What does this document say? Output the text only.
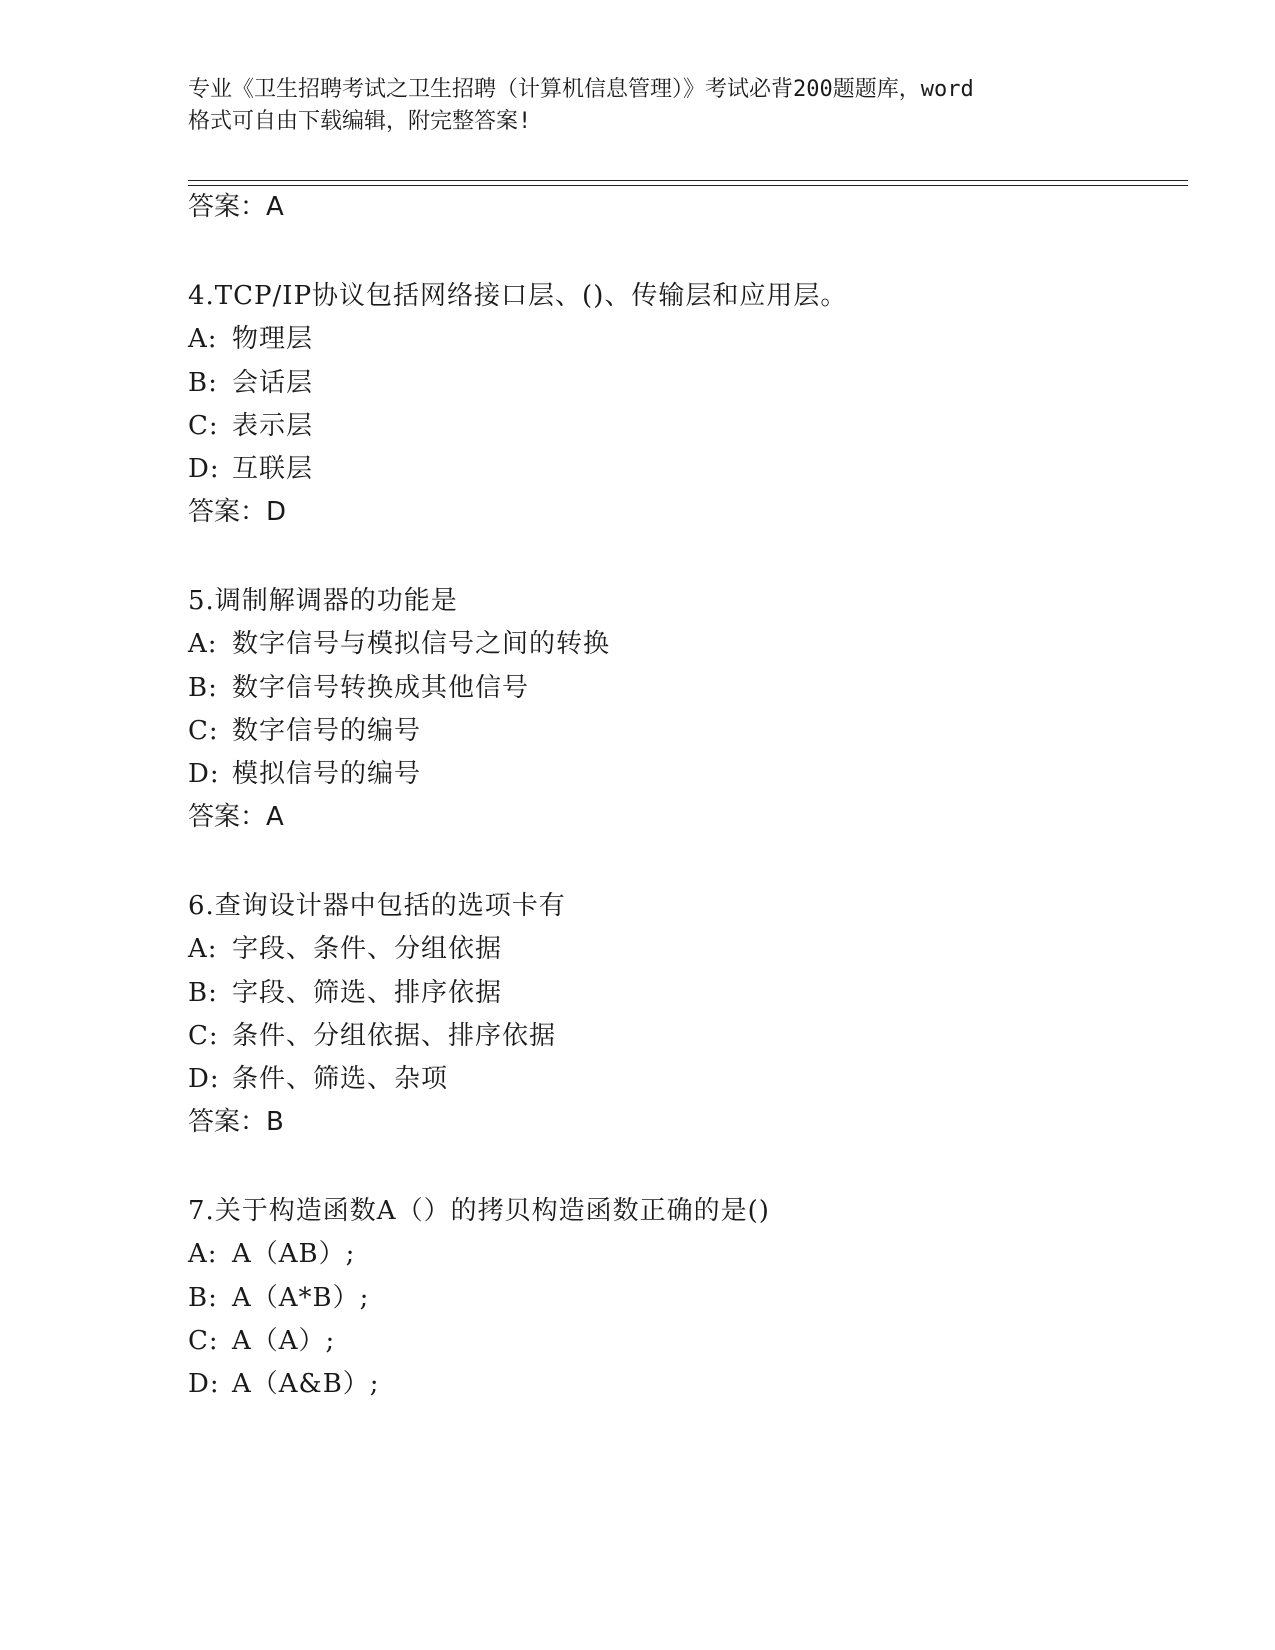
专业《卫生招聘考试之卫生招聘（计算机信息管理）》考试必背200题题库，word
格式可自由下载编辑，附完整答案!
答案：A
4.TCP/IP协议包括网络接口层、()、传输层和应用层。
A: 物理层
B: 会话层
C: 表示层
D: 互联层
答案：D
5.调制解调器的功能是
A: 数字信号与模拟信号之间的转换
B: 数字信号转换成其他信号
C: 数字信号的编号
D: 模拟信号的编号
答案：A
6.查询设计器中包括的选项卡有
A: 字段、条件、分组依据
B: 字段、筛选、排序依据
C: 条件、分组依据、排序依据
D: 条件、筛选、杂项
答案：B
7.关于构造函数A（）的拷贝构造函数正确的是()
A: A（AB）;
B: A（A*B）;
C: A（A）;
D: A（A&B）;
